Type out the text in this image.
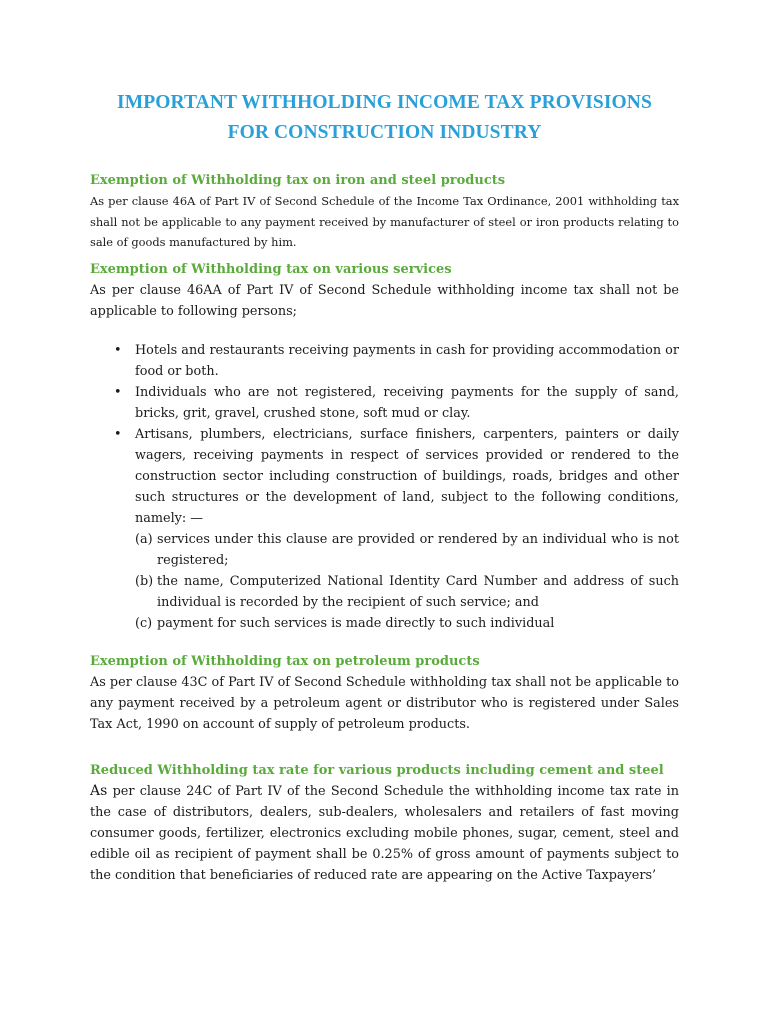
IMPORTANT WITHHOLDING INCOME TAX PROVISIONS
FOR CONSTRUCTION INDUSTRY
Exemption of Withholding tax on iron and steel products

As per clause 46A of Part IV of Second Schedule of the Income Tax Ordinance, 2001 withholding tax shall not be applicable to any payment received by manufacturer of steel or iron products relating to sale of goods manufactured by him.

Exemption of Withholding tax on various services

As per clause 46AA of Part IV of Second Schedule withholding income tax shall not be applicable to following persons;

• Hotels and restaurants receiving payments in cash for providing accommodation or food or both.
• Individuals who are not registered, receiving payments for the supply of sand, bricks, grit, gravel, crushed stone, soft mud or clay.
• Artisans, plumbers, electricians, surface finishers, carpenters, painters or daily wagers, receiving payments in respect of services provided or rendered to the construction sector including construction of buildings, roads, bridges and other such structures or the development of land, subject to the following conditions, namely: —
(a) services under this clause are provided or rendered by an individual who is not registered;
(b) the name, Computerized National Identity Card Number and address of such individual is recorded by the recipient of such service; and
(c) payment for such services is made directly to such individual
Exemption of Withholding tax on petroleum products

As per clause 43C of Part IV of Second Schedule withholding tax shall not be applicable to any payment received by a petroleum agent or distributor who is registered under Sales Tax Act, 1990 on account of supply of petroleum products.

Reduced Withholding tax rate for various products including cement and steel

As per clause 24C of Part IV of the Second Schedule the withholding income tax rate in the case of distributors, dealers, sub-dealers, wholesalers and retailers of fast moving consumer goods, fertilizer, electronics excluding mobile phones, sugar, cement, steel and edible oil as recipient of payment shall be 0.25% of gross amount of payments subject to the condition that beneficiaries of reduced rate are appearing on the Active Taxpayers’
